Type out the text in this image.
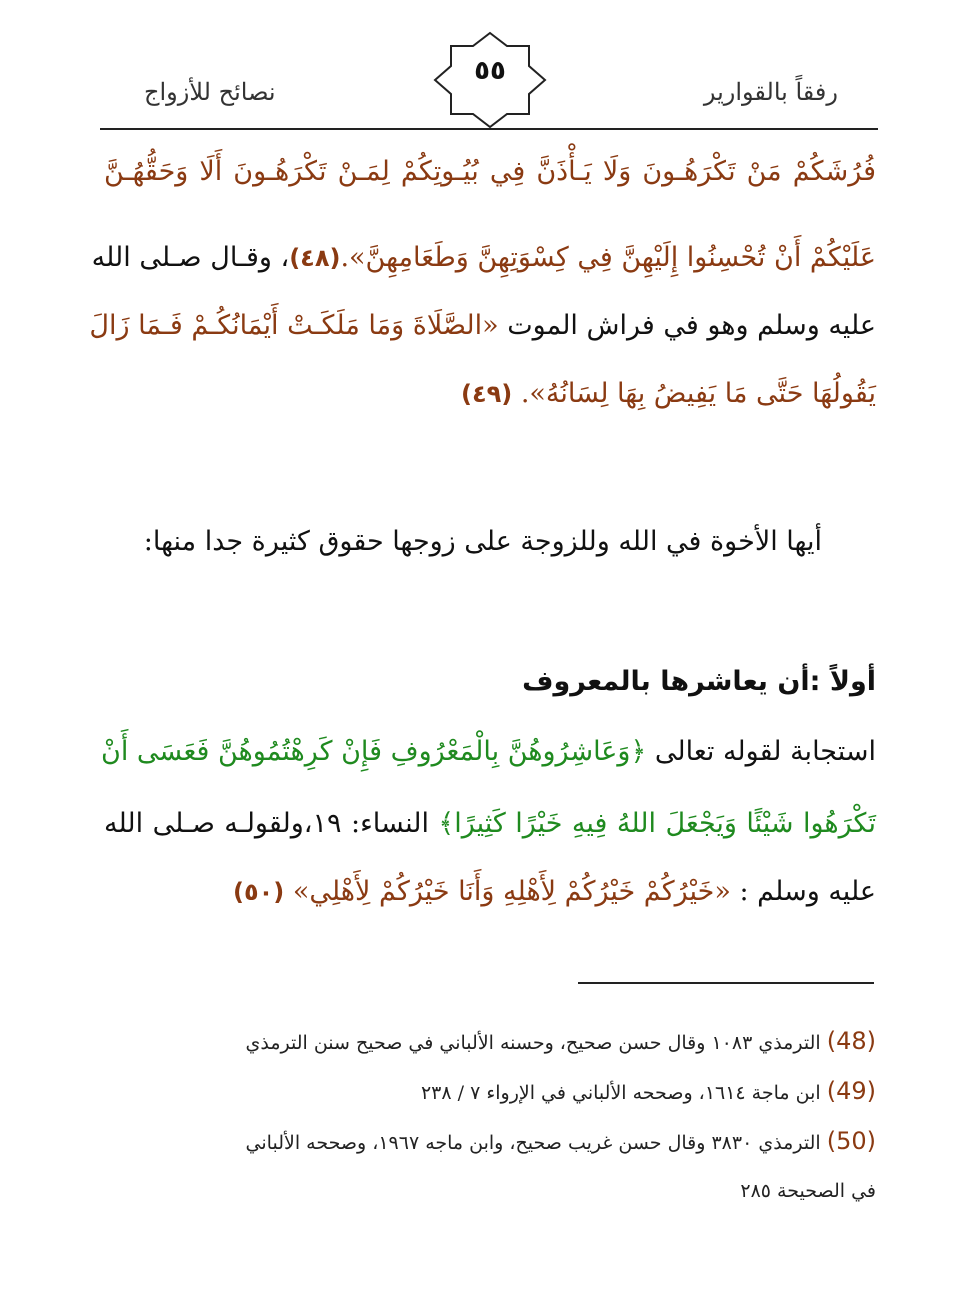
رفقاً بالقوارير
نصائح للأزواج
٥٥
فُرُشَكُمْ مَنْ تَكْرَهُـونَ وَلَا يَـأْذَنَّ فِي بُيُـوتِكُمْ لِمَـنْ تَكْرَهُـونَ أَلَا وَحَقُّهُـنَّ
عَلَيْكُمْ أَنْ تُحْسِنُوا إِلَيْهِنَّ فِي كِسْوَتِهِنَّ وَطَعَامِهِنَّ».(٤٨)، وقـال صـلى الله
عليه وسلم وهو في فراش الموت «الصَّلَاةَ وَمَا مَلَكَـتْ أَيْمَانُكُـمْ فَـمَا زَالَ
يَقُولُهَا حَتَّى مَا يَفِيضُ بِهَا لِسَانُهُ». (٤٩)
أيها الأخوة في الله وللزوجة على زوجها حقوق كثيرة جدا منها:
أولاً :أن يعاشرها بالمعروف
استجابة لقوله تعالى ﴿وَعَاشِرُوهُنَّ بِالْمَعْرُوفِ فَإِنْ كَرِهْتُمُوهُنَّ فَعَسَى أَنْ
تَكْرَهُوا شَيْئًا وَيَجْعَلَ اللهُ فِيهِ خَيْرًا كَثِيرًا﴾ النساء: ١٩،ولقولـه صـلى الله
عليه وسلم : «خَيْرُكُمْ خَيْرُكُمْ لِأَهْلِهِ وَأَنَا خَيْرُكُمْ لِأَهْلِي» (٥٠)
(48) الترمذي ١٠٨٣ وقال حسن صحيح، وحسنه الألباني في صحيح سنن الترمذي
(49) ابن ماجة ١٦١٤، وصححه الألباني في الإرواء ٧ / ٢٣٨
(50) الترمذي ٣٨٣٠ وقال حسن غريب صحيح، وابن ماجه ١٩٦٧، وصححه الألباني
في الصحيحة ٢٨٥
